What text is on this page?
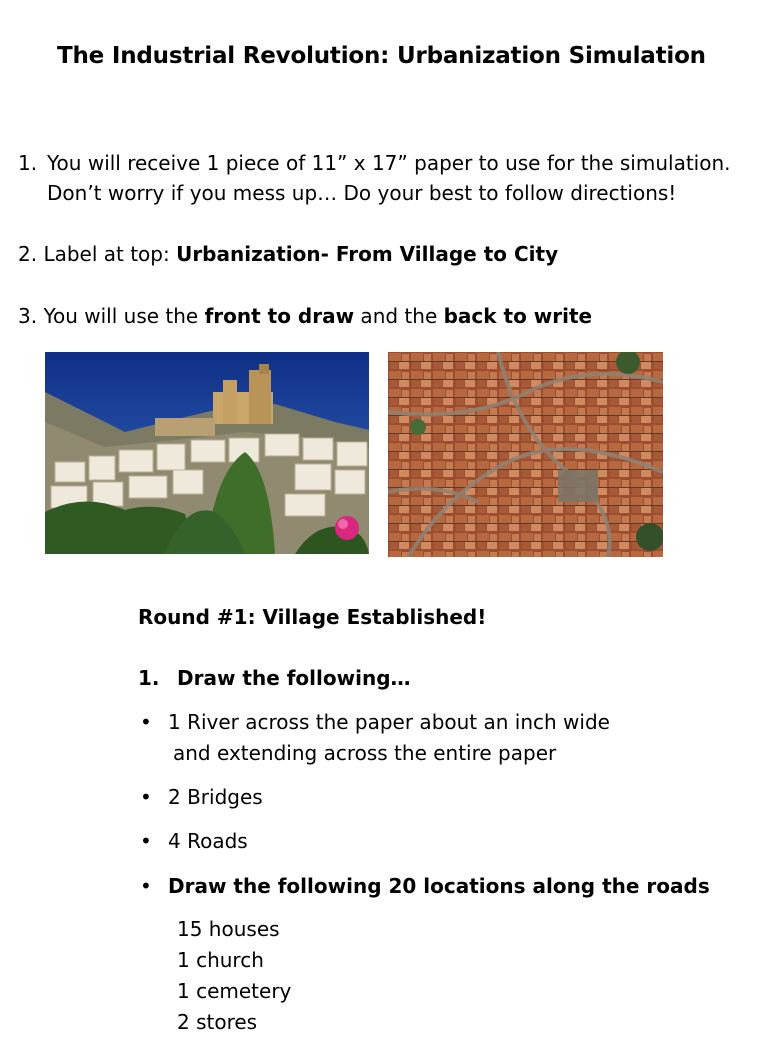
The Industrial Revolution: Urbanization Simulation
1. You will receive 1 piece of 11” x 17” paper to use for the simulation.
Don’t worry if you mess up… Do your best to follow directions!
2. Label at top: Urbanization- From Village to City
3. You will use the front to draw and the back to write
Round #1: Village Established!
1. Draw the following…
• 1 River across the paper about an inch wide
and extending across the entire paper
• 2 Bridges
• 4 Roads
• Draw the following 20 locations along the roads
15 houses
1 church
1 cemetery
2 stores
